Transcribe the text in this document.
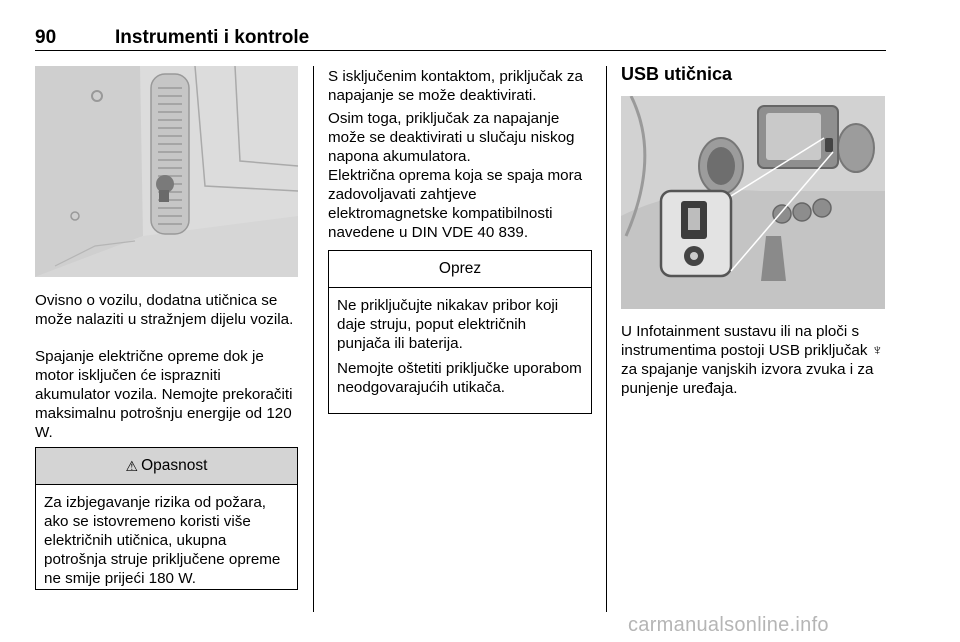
90	Instrumenti i kontrole

Ovisno o vozilu, dodatna utičnica se može nalaziti u stražnjem dijelu vozila.

Spajanje električne opreme dok je motor isključen će isprazniti akumulator vozila. Nemojte prekoračiti maksimalnu potrošnju energije od 120 W.

⚠ Opasnost

Za izbjegavanje rizika od požara, ako se istovremeno koristi više električnih utičnica, ukupna potrošnja struje priključene opreme ne smije prijeći 180 W.

S isključenim kontaktom, priključak za napajanje se može deaktivirati.

Osim toga, priključak za napajanje može se deaktivirati u slučaju niskog napona akumulatora.

Električna oprema koja se spaja mora zadovoljavati zahtjeve elektromagnetske kompatibilnosti navedene u DIN VDE 40 839.

Oprez

Ne priključujte nikakav pribor koji daje struju, poput električnih punjača ili baterija.

Nemojte oštetiti priključke uporabom neodgovarajućih utikača.

USB utičnica

U Infotainment sustavu ili na ploči s instrumentima postoji USB priključak ♆ za spajanje vanjskih izvora zvuka i za punjenje uređaja.

carmanualsonline.info
